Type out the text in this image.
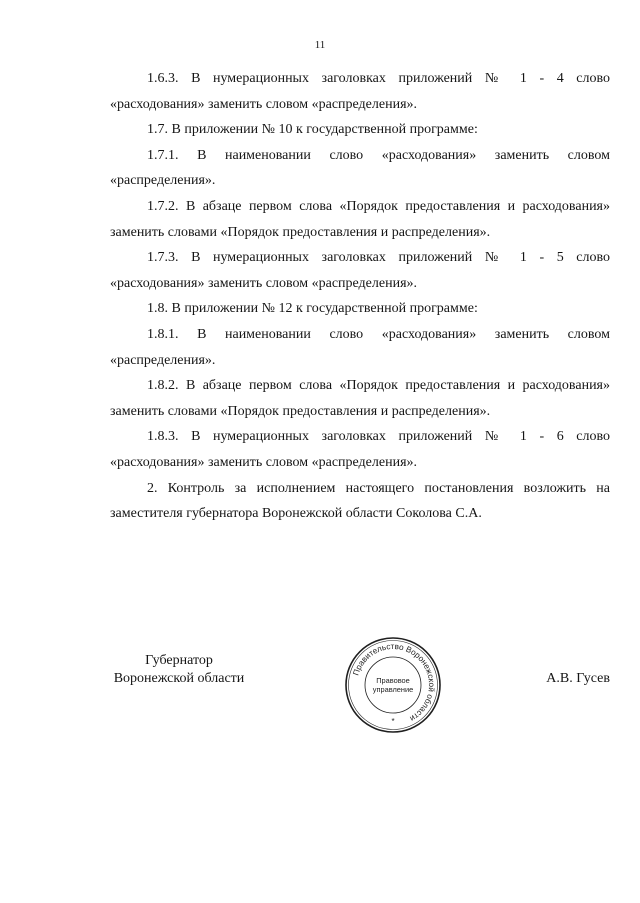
11

1.6.3. В нумерационных заголовках приложений № 1 - 4 слово «расходования» заменить словом «распределения».

1.7. В приложении № 10 к государственной программе:

1.7.1. В наименовании слово «расходования» заменить словом «распределения».

1.7.2. В абзаце первом слова «Порядок предоставления и расходования» заменить словами «Порядок предоставления и распределения».

1.7.3. В нумерационных заголовках приложений № 1 - 5 слово «расходования» заменить словом «распределения».

1.8. В приложении № 12 к государственной программе:

1.8.1. В наименовании слово «расходования» заменить словом «распределения».

1.8.2. В абзаце первом слова «Порядок предоставления и расходования» заменить словами «Порядок предоставления и распределения».

1.8.3. В нумерационных заголовках приложений № 1 - 6 слово «расходования» заменить словом «распределения».

2. Контроль за исполнением настоящего постановления возложить на заместителя губернатора Воронежской области Соколова С.А.

Губернатор
Воронежской области	Правительство Воронежской области
Правовое
управление
*
А.В. Гусев
